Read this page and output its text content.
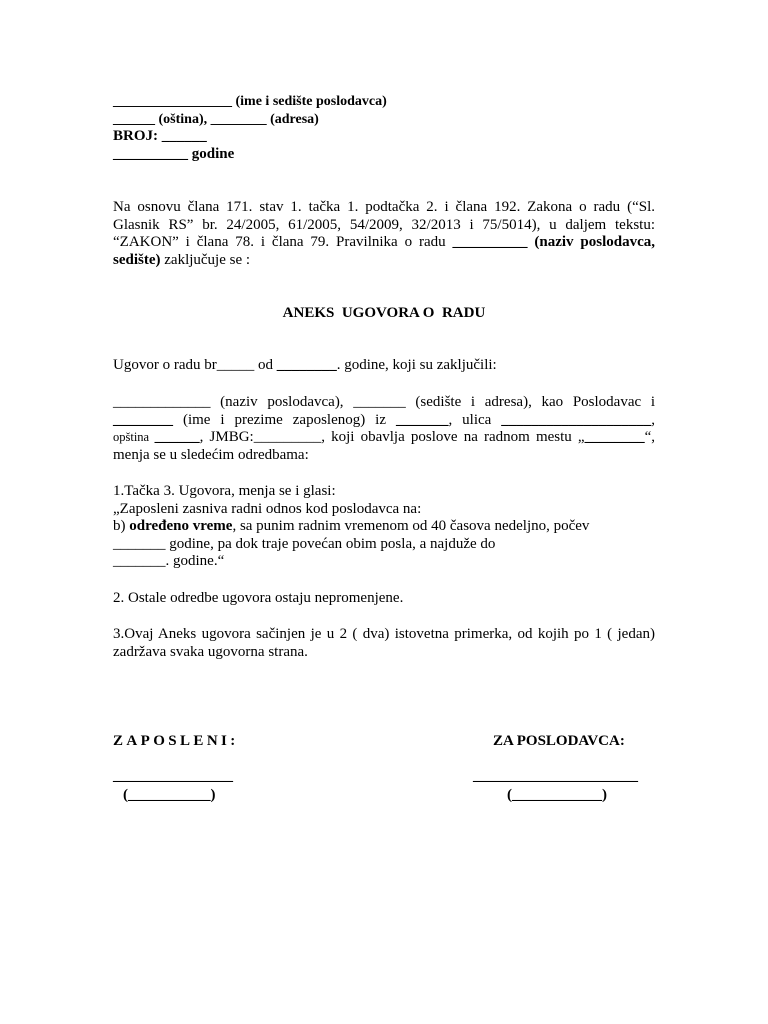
_________________ (ime i sedište poslodavca)
______ (oština), ________ (adresa)
BROJ: ______
__________ godine
Na osnovu člana 171. stav 1. tačka 1. podtačka 2. i člana 192. Zakona o radu (“Sl.
Glasnik RS” br. 24/2005, 61/2005, 54/2009, 32/2013 i 75/5014), u daljem tekstu:
“ZAKON” i člana 78. i člana 79. Pravilnika o radu __________ (naziv poslodavca,
sedište) zaključuje se :
ANEKS  UGOVORA O  RADU
Ugovor o radu br_____ od ________. godine, koji su zaključili:
_____________ (naziv poslodavca), _______ (sedište i adresa), kao Poslodavac i
________ (ime i prezime zaposlenog) iz _______, ulica ____________________,
opština ______, JMBG:_________, koji obavlja poslove na radnom mestu „________“,
menja se u sledećim odredbama:
1.Tačka 3. Ugovora, menja se i glasi:
„Zaposleni zasniva radni odnos kod poslodavca na:
b) određeno vreme, sa punim radnim vremenom od 40 časova nedeljno, počev
_______ godine, pa dok traje povećan obim posla, a najduže do
_______. godine.“
2. Ostale odredbe ugovora ostaju nepromenjene.
3.Ovaj Aneks ugovora sačinjen je u 2 ( dva) istovetna primerka, od kojih po 1 ( jedan)
zadržava svaka ugovorna strana.
ZAPOSLENI:
________________
(___________)
ZA POSLODAVCA:
______________________
(____________)
